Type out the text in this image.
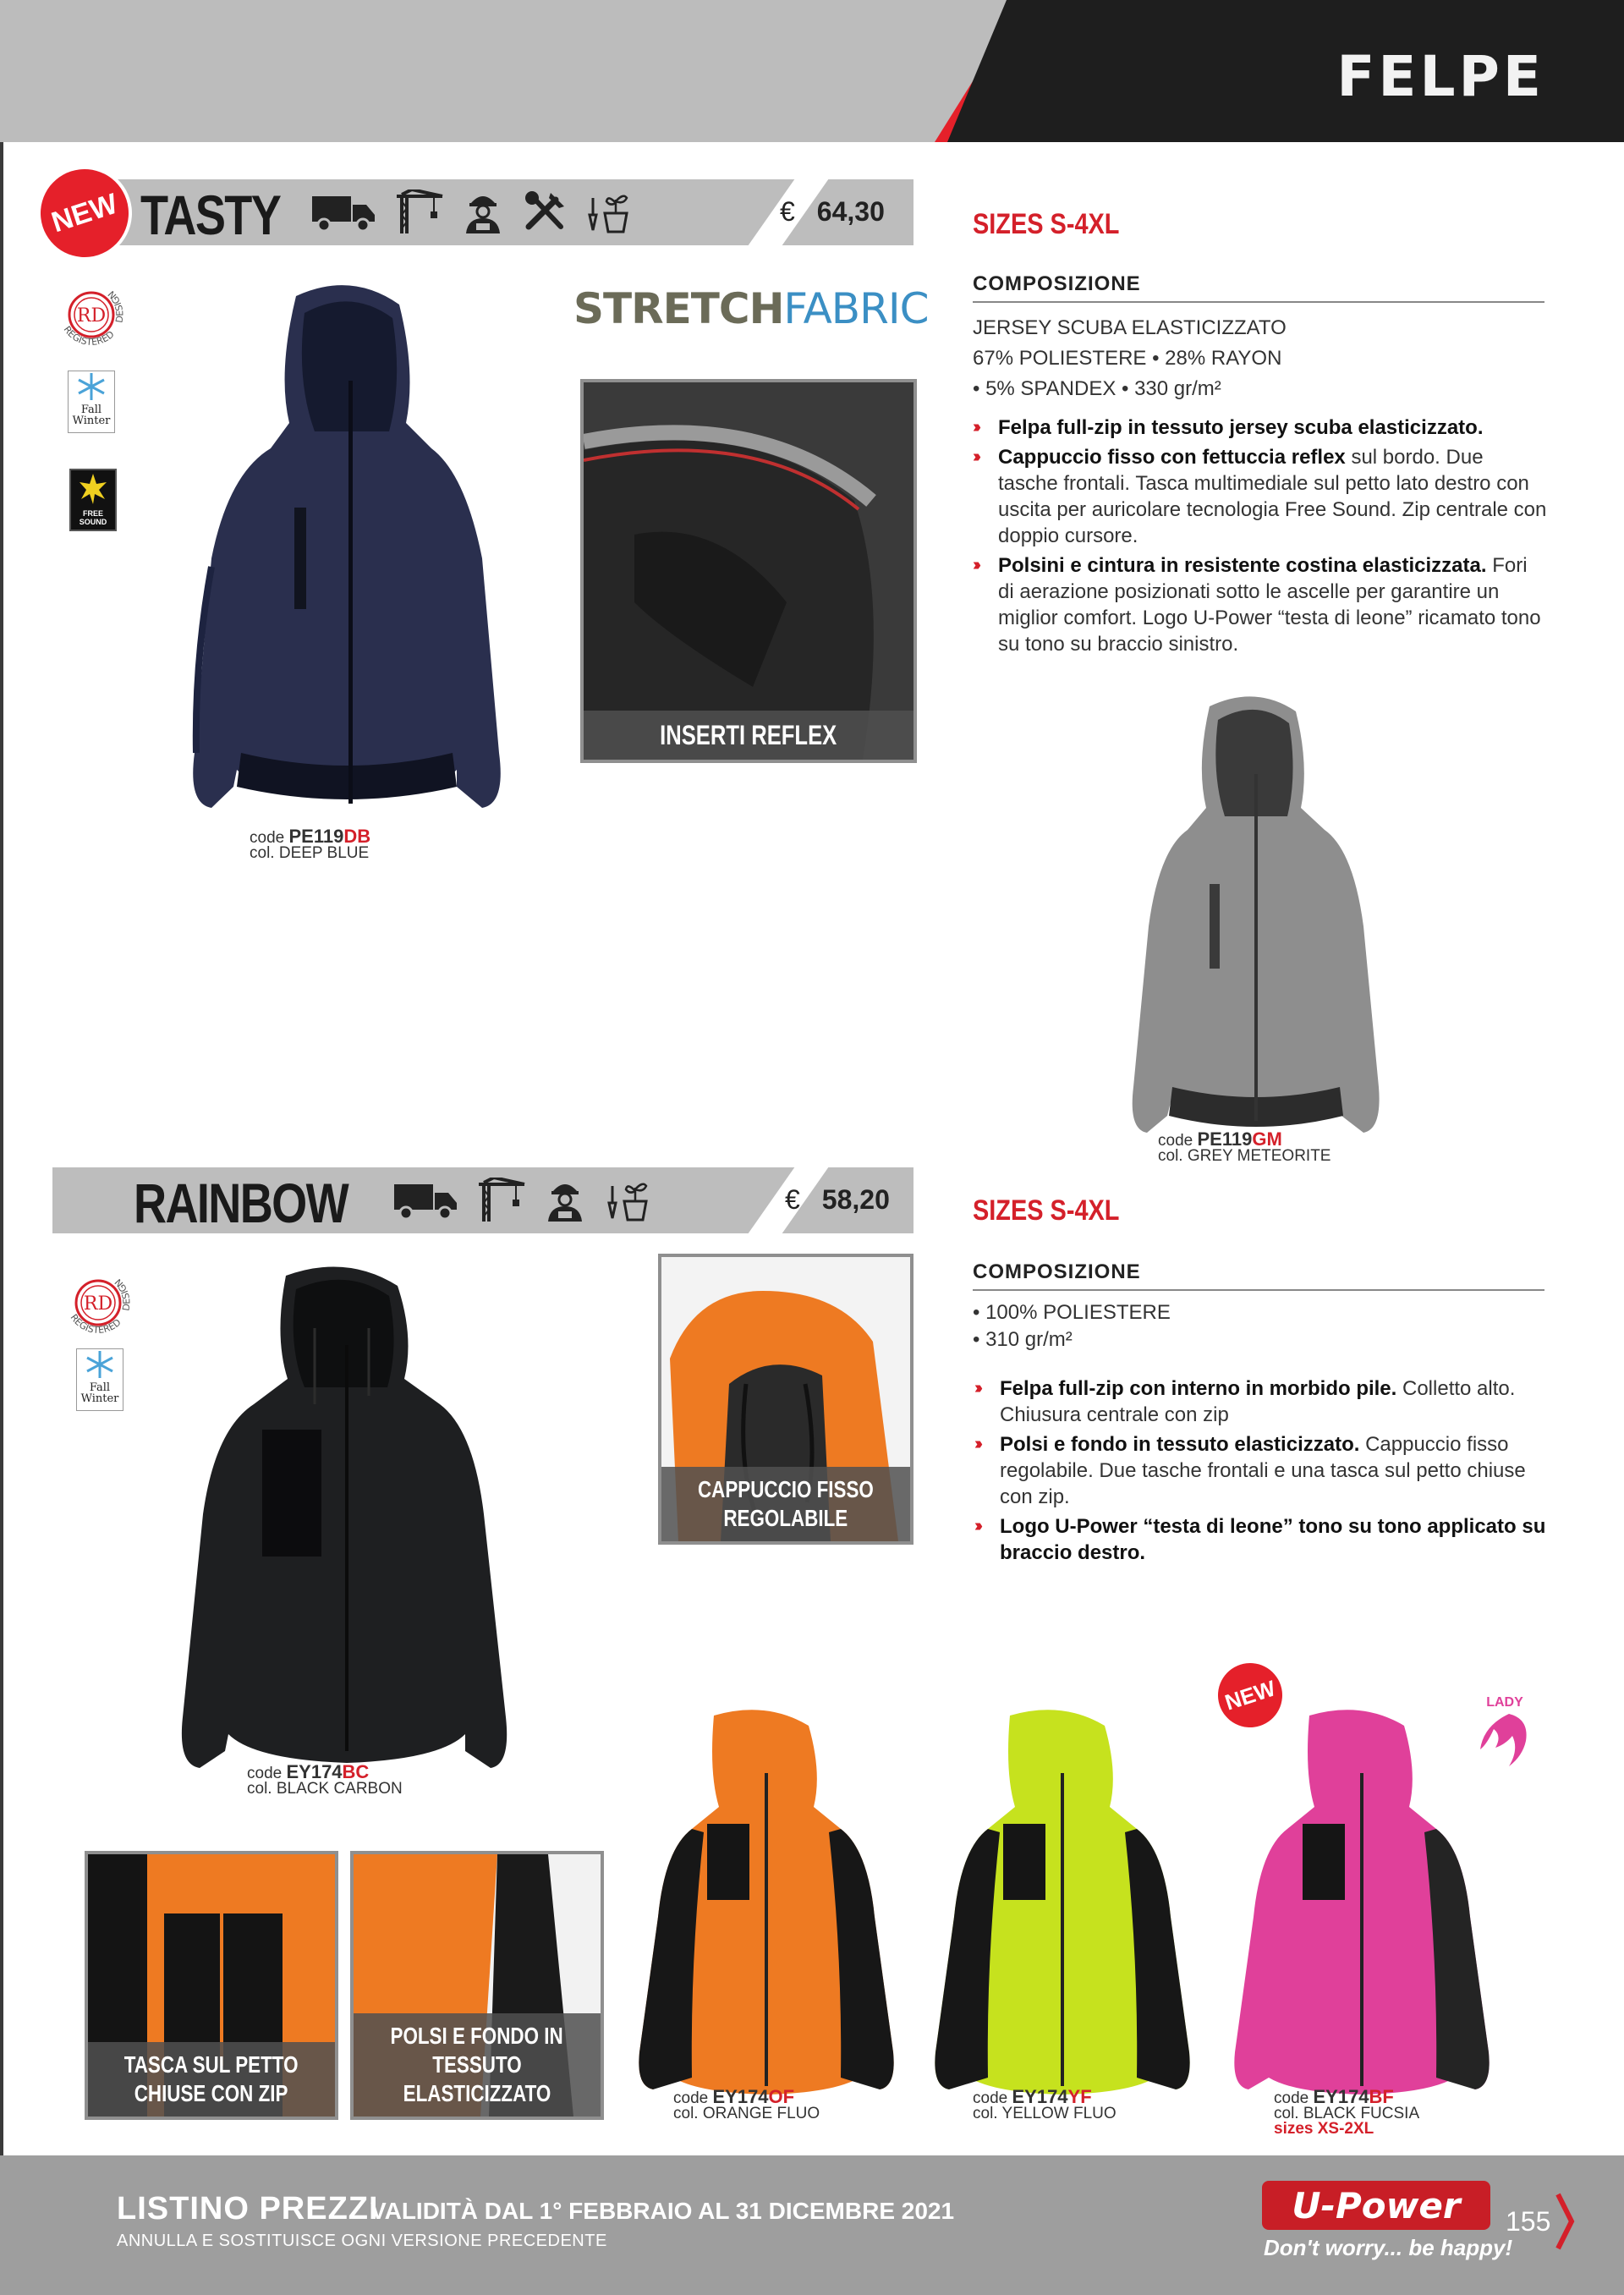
FELPE
TASTY	€ 64,30
NEW
RD
REGISTERED
DESIGN
Fall
Winter
FREE SOUND
code PE119DB
col. DEEP BLUE
STRETCHFABRIC
INSERTI REFLEX
SIZES S-4XL
COMPOSIZIONE
JERSEY SCUBA ELASTICIZZATO
67% POLIESTERE • 28% RAYON
• 5% SPANDEX • 330 gr/m²
››› Felpa full-zip in tessuto jersey scuba elasticizzato.
››› Cappuccio fisso con fettuccia reflex sul bordo. Due tasche frontali. Tasca multimediale sul petto lato destro con uscita per auricolare tecnologia Free Sound. Zip centrale con doppio cursore.
››› Polsini e cintura in resistente costina elasticizzata. Fori di aerazione posizionati sotto le ascelle per garantire un miglior comfort. Logo U-Power “testa di leone” ricamato tono su tono su braccio sinistro.
code PE119GM
col. GREY METEORITE
RAINBOW	€ 58,20
RD
REGISTERED
DESIGN
Fall
Winter
code EY174BC
col. BLACK CARBON
CAPPUCCIO FISSO
REGOLABILE
SIZES S-4XL
COMPOSIZIONE
• 100% POLIESTERE
• 310 gr/m²
››› Felpa full-zip con interno in morbido pile. Colletto alto. Chiusura centrale con zip
››› Polsi e fondo in tessuto elasticizzato. Cappuccio fisso regolabile. Due tasche frontali e una tasca sul petto chiuse con zip.
››› Logo U-Power “testa di leone” tono su tono applicato su braccio destro.
TASCA SUL PETTO
CHIUSE CON ZIP
POLSI E FONDO IN
TESSUTO ELASTICIZZATO	code EY174OF
col. ORANGE FLUO
code EY174YF
col. YELLOW FLUO
NEW	LADY
code EY174BF
col. BLACK FUCSIA
sizes XS-2XL
LISTINO PREZZI
VALIDITÀ DAL 1° FEBBRAIO AL 31 DICEMBRE 2021
ANNULLA E SOSTITUISCE OGNI VERSIONE PRECEDENTE
U-Power
Don't worry... be happy!
155
